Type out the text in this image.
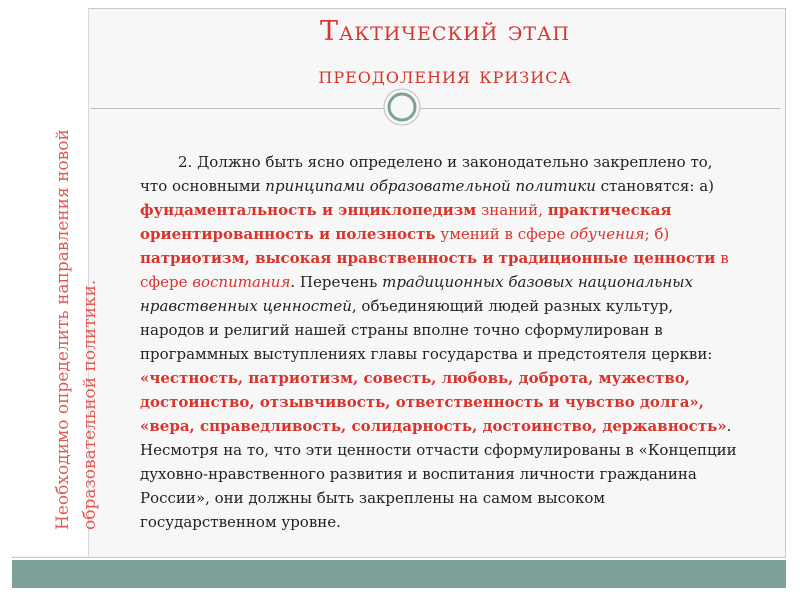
Необходимо определить направления новой образовательной политики.
Тактический этап
преодоления кризиса

2. Должно быть ясно определено и законодательно закреплено то, что основными принципами образовательной политики становятся: а) фундаментальность и энциклопедизм знаний, практическая ориентированность и полезность умений в сфере обучения; б) патриотизм, высокая нравственность и традиционные ценности в сфере воспитания. Перечень традиционных базовых национальных нравственных ценностей, объединяющий людей разных культур, народов и религий нашей страны вполне точно сформулирован в программных выступлениях главы государства и предстоятеля церкви: «честность, патриотизм, совесть, любовь, доброта, мужество, достоинство, отзывчивость, ответственность и чувство долга», «вера, справедливость, солидарность, достоинство, державность». Несмотря на то, что эти ценности отчасти сформулированы в «Концепции духовно-нравственного развития и воспитания личности гражданина России», они должны быть закреплены на самом высоком государственном уровне.
